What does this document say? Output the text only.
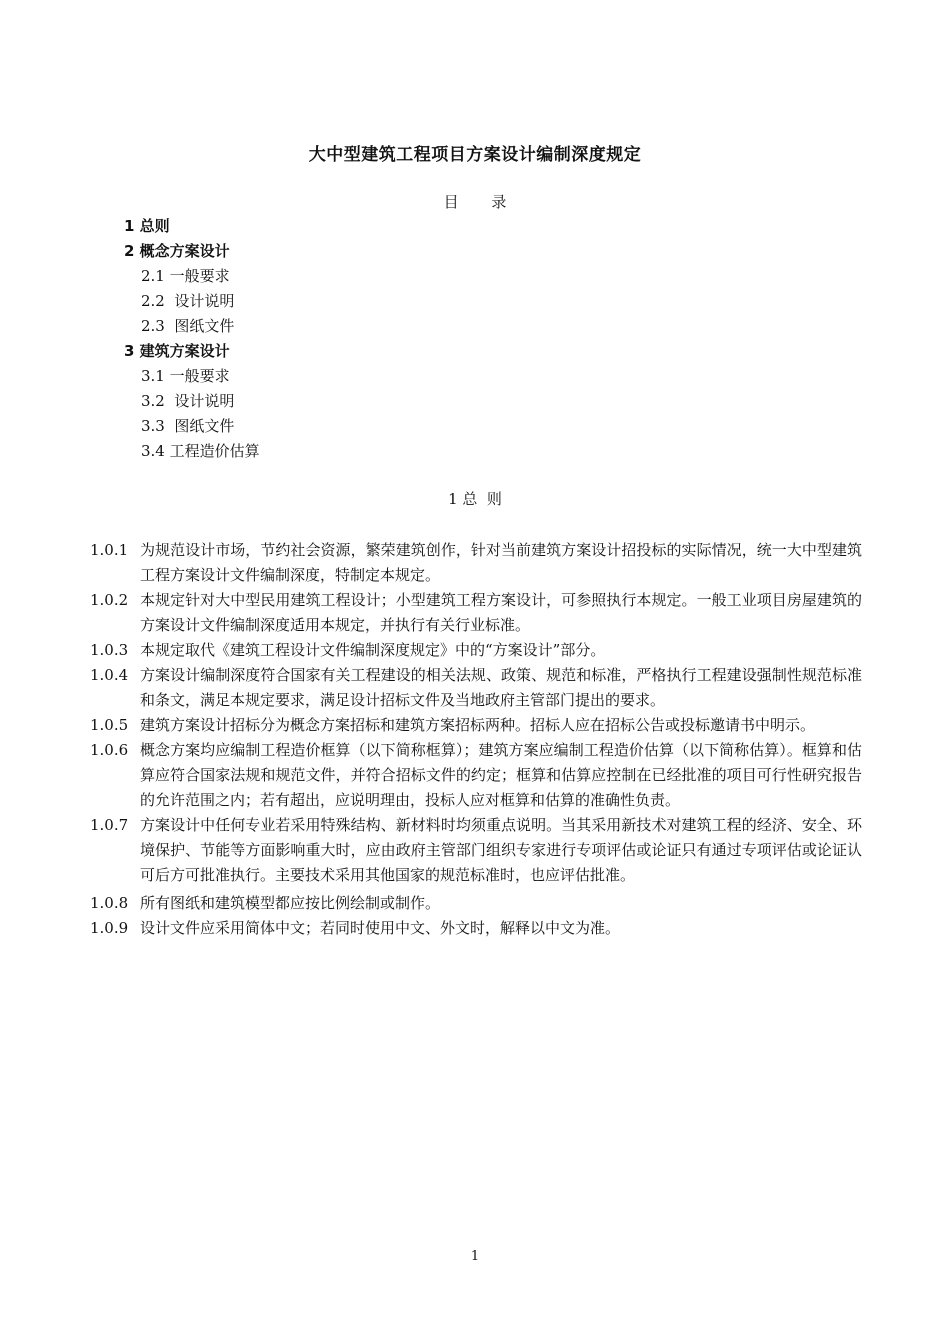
大中型建筑工程项目方案设计编制深度规定
目 录
1 总则
2 概念方案设计
2.1 一般要求
2.2  设计说明
2.3  图纸文件
3 建筑方案设计
3.1 一般要求
3.2  设计说明
3.3  图纸文件
3.4 工程造价估算
1 总  则
1.0.1 为规范设计市场，节约社会资源，繁荣建筑创作，针对当前建筑方案设计招投标的实际情况，统一大中型建筑工程方案设计文件编制深度，特制定本规定。
1.0.2 本规定针对大中型民用建筑工程设计；小型建筑工程方案设计，可参照执行本规定。一般工业项目房屋建筑的方案设计文件编制深度适用本规定，并执行有关行业标准。
1.0.3 本规定取代《建筑工程设计文件编制深度规定》中的“方案设计”部分。
1.0.4 方案设计编制深度符合国家有关工程建设的相关法规、政策、规范和标准，严格执行工程建设强制性规范标准和条文，满足本规定要求，满足设计招标文件及当地政府主管部门提出的要求。
1.0.5 建筑方案设计招标分为概念方案招标和建筑方案招标两种。招标人应在招标公告或投标邀请书中明示。
1.0.6 概念方案均应编制工程造价框算（以下简称框算）；建筑方案应编制工程造价估算（以下简称估算）。框算和估算应符合国家法规和规范文件，并符合招标文件的约定；框算和估算应控制在已经批准的项目可行性研究报告的允许范围之内；若有超出，应说明理由，投标人应对框算和估算的准确性负责。
1.0.7 方案设计中任何专业若采用特殊结构、新材料时均须重点说明。当其采用新技术对建筑工程的经济、安全、环境保护、节能等方面影响重大时，应由政府主管部门组织专家进行专项评估或论证只有通过专项评估或论证认可后方可批准执行。主要技术采用其他国家的规范标准时，也应评估批准。
1.0.8 所有图纸和建筑模型都应按比例绘制或制作。
1.0.9 设计文件应采用简体中文；若同时使用中文、外文时，解释以中文为准。
1
